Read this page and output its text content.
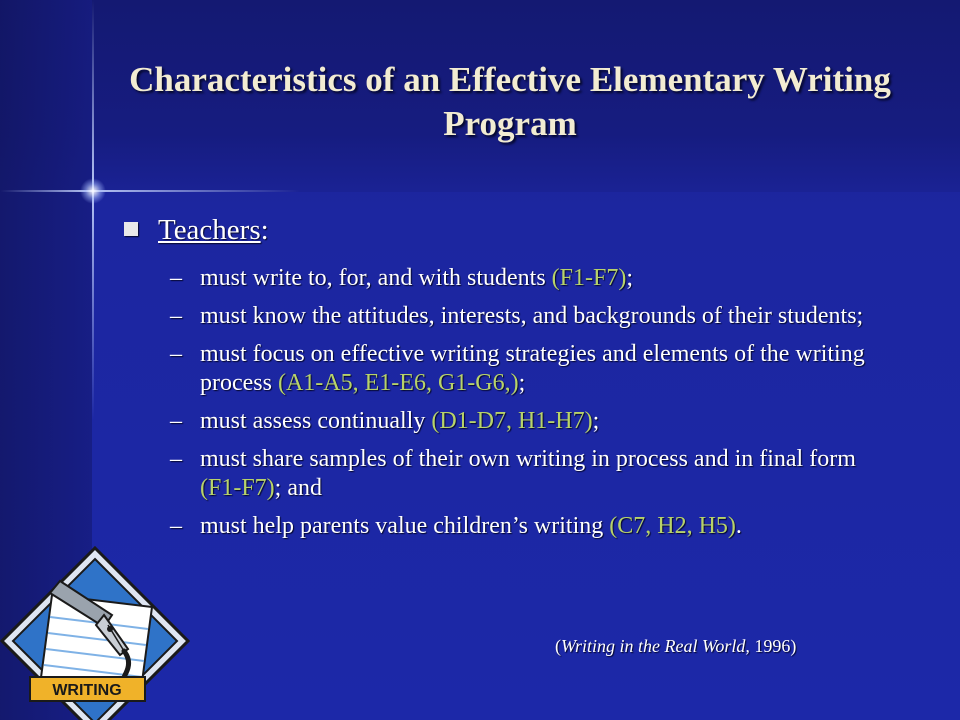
Characteristics of an Effective Elementary Writing Program
Teachers:
– must write to, for, and with students (F1-F7);
– must know the attitudes, interests, and backgrounds of their students;
– must focus on effective writing strategies and elements of the writing process (A1-A5, E1-E6, G1-G6,);
– must assess continually (D1-D7, H1-H7);
– must share samples of their own writing in process and in final form (F1-F7); and
– must help parents value children’s writing (C7, H2, H5).
(Writing in the Real World, 1996)
WRITING
